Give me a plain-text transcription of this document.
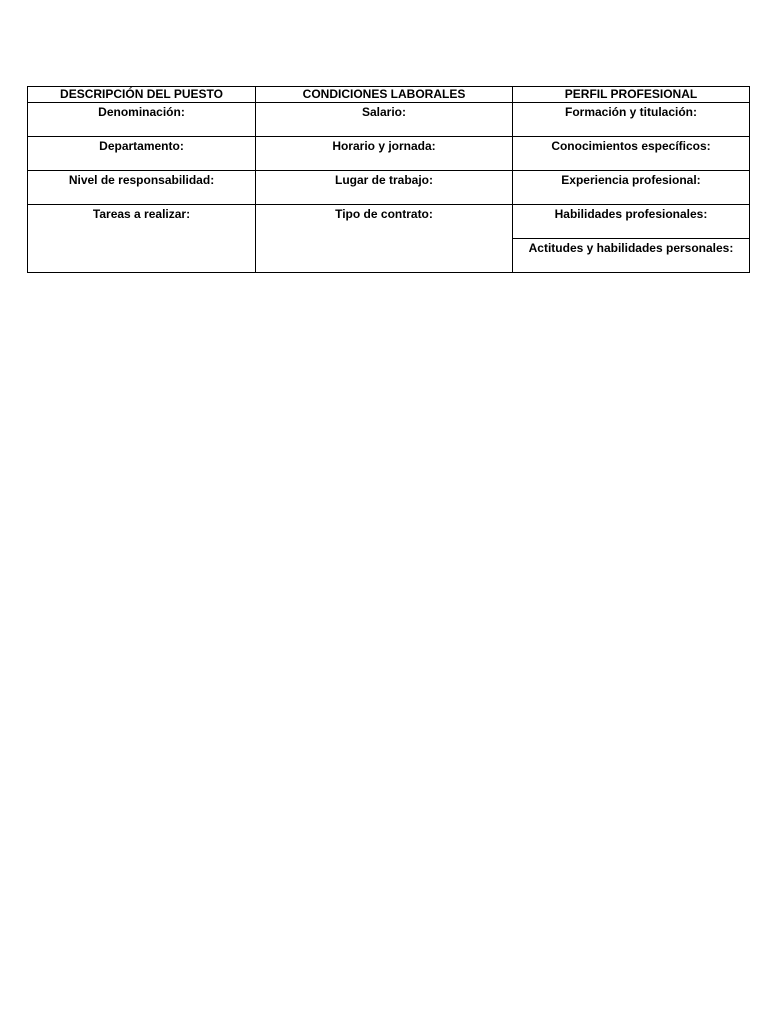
DESCRIPCIÓN DEL PUESTO	CONDICIONES LABORALES	PERFIL PROFESIONAL
Denominación:	Salario:	Formación y titulación:
Departamento:	Horario y jornada:	Conocimientos específicos:
Nivel de responsabilidad:	Lugar de trabajo:	Experiencia profesional:
Tareas a realizar:	Tipo de contrato:	Habilidades profesionales:
		Actitudes y habilidades personales:
